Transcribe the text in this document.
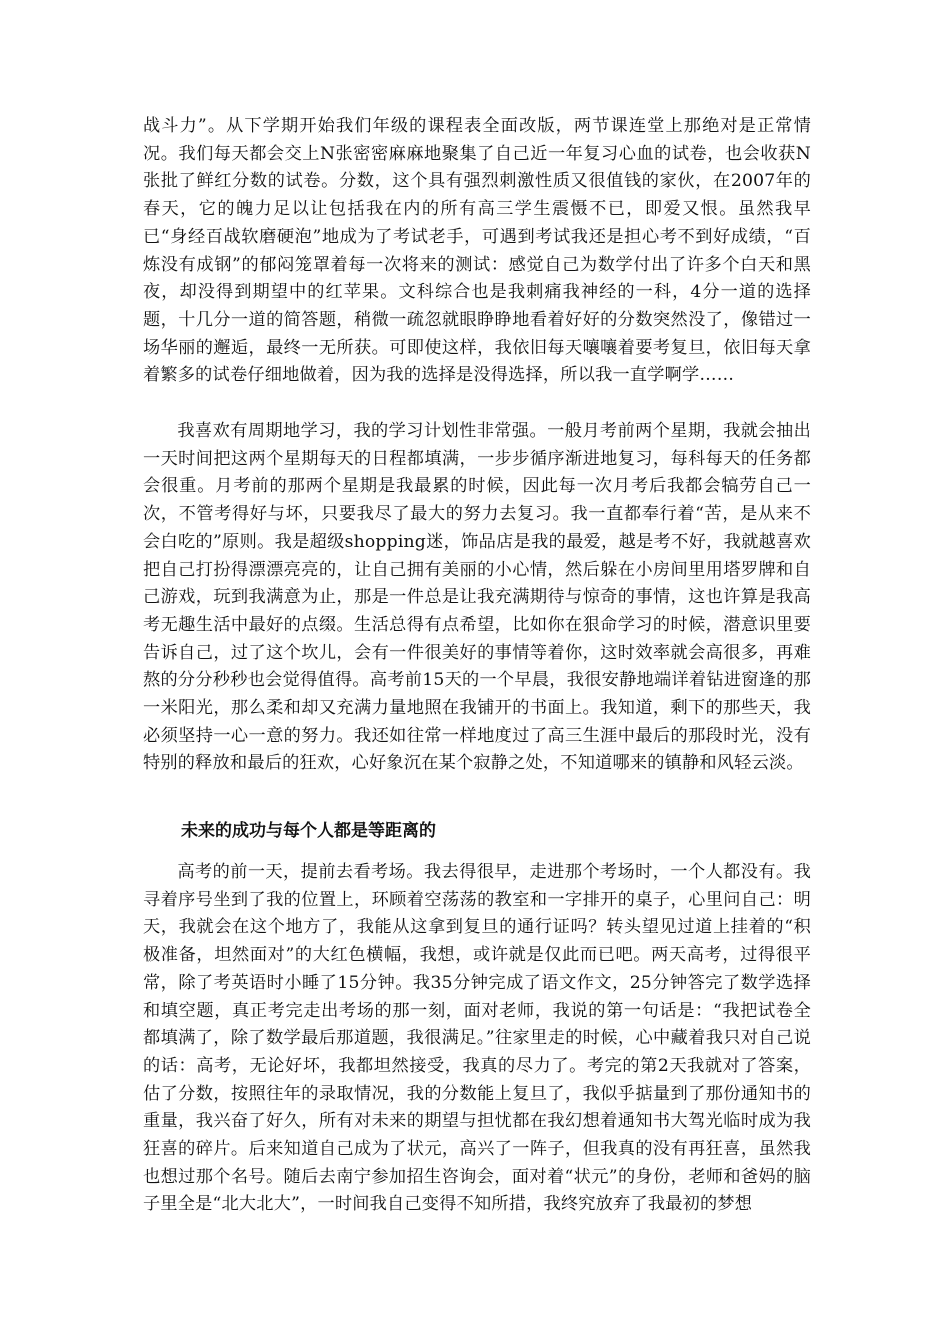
战斗力”。从下学期开始我们年级的课程表全面改版，两节课连堂上那绝对是正常情况。我们每天都会交上N张密密麻麻地聚集了自己近一年复习心血的试卷，也会收获N张批了鲜红分数的试卷。分数，这个具有强烈刺激性质又很值钱的家伙，在2007年的春天，它的魄力足以让包括我在内的所有高三学生震慑不已，即爱又恨。虽然我早已“身经百战软磨硬泡”地成为了考试老手，可遇到考试我还是担心考不到好成绩，“百炼没有成钢”的郁闷笼罩着每一次将来的测试：感觉自己为数学付出了许多个白天和黑夜，却没得到期望中的红苹果。文科综合也是我刺痛我神经的一科，4分一道的选择题，十几分一道的简答题，稍微一疏忽就眼睁睁地看着好好的分数突然没了，像错过一场华丽的邂逅，最终一无所获。可即使这样，我依旧每天嚷嚷着要考复旦，依旧每天拿着繁多的试卷仔细地做着，因为我的选择是没得选择，所以我一直学啊学……

我喜欢有周期地学习，我的学习计划性非常强。一般月考前两个星期，我就会抽出一天时间把这两个星期每天的日程都填满，一步步循序渐进地复习，每科每天的任务都会很重。月考前的那两个星期是我最累的时候，因此每一次月考后我都会犒劳自己一次，不管考得好与坏，只要我尽了最大的努力去复习。我一直都奉行着“苦，是从来不会白吃的”原则。我是超级shopping迷，饰品店是我的最爱，越是考不好，我就越喜欢把自己打扮得漂漂亮亮的，让自己拥有美丽的小心情，然后躲在小房间里用塔罗牌和自己游戏，玩到我满意为止，那是一件总是让我充满期待与惊奇的事情，这也许算是我高考无趣生活中最好的点缀。生活总得有点希望，比如你在狠命学习的时候，潜意识里要告诉自己，过了这个坎儿，会有一件很美好的事情等着你，这时效率就会高很多，再难熬的分分秒秒也会觉得值得。高考前15天的一个早晨，我很安静地端详着钻进窗逢的那一米阳光，那么柔和却又充满力量地照在我铺开的书面上。我知道，剩下的那些天，我必须坚持一心一意的努力。我还如往常一样地度过了高三生涯中最后的那段时光，没有特别的释放和最后的狂欢，心好象沉在某个寂静之处，不知道哪来的镇静和风轻云淡。

未来的成功与每个人都是等距离的

高考的前一天，提前去看考场。我去得很早，走进那个考场时，一个人都没有。我寻着序号坐到了我的位置上，环顾着空荡荡的教室和一字排开的桌子，心里问自己：明天，我就会在这个地方了，我能从这拿到复旦的通行证吗？转头望见过道上挂着的“积极准备，坦然面对”的大红色横幅，我想，或许就是仅此而已吧。两天高考，过得很平常，除了考英语时小睡了15分钟。我35分钟完成了语文作文，25分钟答完了数学选择和填空题，真正考完走出考场的那一刻，面对老师，我说的第一句话是：“我把试卷全都填满了，除了数学最后那道题，我很满足。”往家里走的时候，心中藏着我只对自己说的话：高考，无论好坏，我都坦然接受，我真的尽力了。考完的第2天我就对了答案，估了分数，按照往年的录取情况，我的分数能上复旦了，我似乎掂量到了那份通知书的重量，我兴奋了好久，所有对未来的期望与担忧都在我幻想着通知书大驾光临时成为我狂喜的碎片。后来知道自己成为了状元，高兴了一阵子，但我真的没有再狂喜，虽然我也想过那个名号。随后去南宁参加招生咨询会，面对着“状元”的身份，老师和爸妈的脑子里全是“北大北大”，一时间我自己变得不知所措，我终究放弃了我最初的梦想
